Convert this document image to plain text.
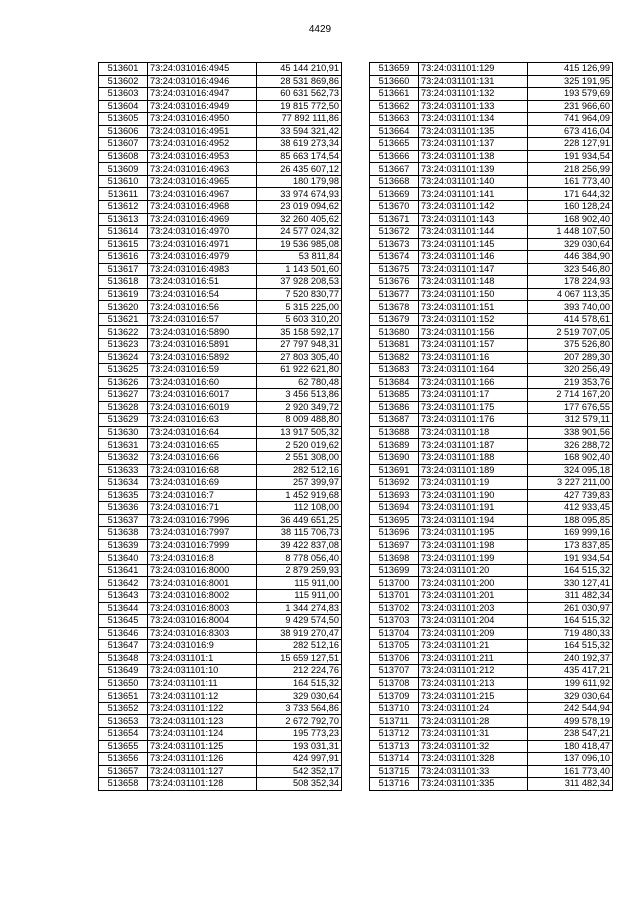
4429
513601	73:24:031016:4945	45 144 210,91
513602	73:24:031016:4946	28 531 869,86
513603	73:24:031016:4947	60 631 562,73
513604	73:24:031016:4949	19 815 772,50
513605	73:24:031016:4950	77 892 111,86
513606	73:24:031016:4951	33 594 321,42
513607	73:24:031016:4952	38 619 273,34
513608	73:24:031016:4953	85 663 174,54
513609	73:24:031016:4963	26 435 607,12
513610	73:24:031016:4965	180 179,98
513611	73:24:031016:4967	33 974 674,93
513612	73:24:031016:4968	23 019 094,62
513613	73:24:031016:4969	32 260 405,62
513614	73:24:031016:4970	24 577 024,32
513615	73:24:031016:4971	19 536 985,08
513616	73:24:031016:4979	53 811,84
513617	73:24:031016:4983	1 143 501,60
513618	73:24:031016:51	37 928 208,53
513619	73:24:031016:54	7 520 830,77
513620	73:24:031016:56	5 315 225,00
513621	73:24:031016:57	5 603 310,20
513622	73:24:031016:5890	35 158 592,17
513623	73:24:031016:5891	27 797 948,31
513624	73:24:031016:5892	27 803 305,40
513625	73:24:031016:59	61 922 621,80
513626	73:24:031016:60	62 780,48
513627	73:24:031016:6017	3 456 513,86
513628	73:24:031016:6019	2 920 349,72
513629	73:24:031016:63	8 009 488,80
513630	73:24:031016:64	13 917 505,32
513631	73:24:031016:65	2 520 019,62
513632	73:24:031016:66	2 551 308,00
513633	73:24:031016:68	282 512,16
513634	73:24:031016:69	257 399,97
513635	73:24:031016:7	1 452 919,68
513636	73:24:031016:71	112 108,00
513637	73:24:031016:7996	36 449 651,25
513638	73:24:031016:7997	38 115 706,73
513639	73:24:031016:7999	39 422 837,08
513640	73:24:031016:8	8 778 056,40
513641	73:24:031016:8000	2 879 259,93
513642	73:24:031016:8001	115 911,00
513643	73:24:031016:8002	115 911,00
513644	73:24:031016:8003	1 344 274,83
513645	73:24:031016:8004	9 429 574,50
513646	73:24:031016:8303	38 919 270,47
513647	73:24:031016:9	282 512,16
513648	73:24:031101:1	15 659 127,51
513649	73:24:031101:10	212 224,76
513650	73:24:031101:11	164 515,32
513651	73:24:031101:12	329 030,64
513652	73:24:031101:122	3 733 564,86
513653	73:24:031101:123	2 672 792,70
513654	73:24:031101:124	195 773,23
513655	73:24:031101:125	193 031,31
513656	73:24:031101:126	424 997,91
513657	73:24:031101:127	542 352,17
513658	73:24:031101:128	508 352,34
513659	73:24:031101:129	415 126,99
513660	73:24:031101:131	325 191,95
513661	73:24:031101:132	193 579,69
513662	73:24:031101:133	231 966,60
513663	73:24:031101:134	741 964,09
513664	73:24:031101:135	673 416,04
513665	73:24:031101:137	228 127,91
513666	73:24:031101:138	191 934,54
513667	73:24:031101:139	218 256,99
513668	73:24:031101:140	161 773,40
513669	73:24:031101:141	171 644,32
513670	73:24:031101:142	160 128,24
513671	73:24:031101:143	168 902,40
513672	73:24:031101:144	1 448 107,50
513673	73:24:031101:145	329 030,64
513674	73:24:031101:146	446 384,90
513675	73:24:031101:147	323 546,80
513676	73:24:031101:148	178 224,93
513677	73:24:031101:150	4 067 113,35
513678	73:24:031101:151	393 740,00
513679	73:24:031101:152	414 578,61
513680	73:24:031101:156	2 519 707,05
513681	73:24:031101:157	375 526,80
513682	73:24:031101:16	207 289,30
513683	73:24:031101:164	320 256,49
513684	73:24:031101:166	219 353,76
513685	73:24:031101:17	2 714 167,20
513686	73:24:031101:175	177 676,55
513687	73:24:031101:176	312 579,11
513688	73:24:031101:18	338 901,56
513689	73:24:031101:187	326 288,72
513690	73:24:031101:188	168 902,40
513691	73:24:031101:189	324 095,18
513692	73:24:031101:19	3 227 211,00
513693	73:24:031101:190	427 739,83
513694	73:24:031101:191	412 933,45
513695	73:24:031101:194	188 095,85
513696	73:24:031101:195	169 999,16
513697	73:24:031101:198	173 837,85
513698	73:24:031101:199	191 934,54
513699	73:24:031101:20	164 515,32
513700	73:24:031101:200	330 127,41
513701	73:24:031101:201	311 482,34
513702	73:24:031101:203	261 030,97
513703	73:24:031101:204	164 515,32
513704	73:24:031101:209	719 480,33
513705	73:24:031101:21	164 515,32
513706	73:24:031101:211	240 192,37
513707	73:24:031101:212	435 417,21
513708	73:24:031101:213	199 611,92
513709	73:24:031101:215	329 030,64
513710	73:24:031101:24	242 544,94
513711	73:24:031101:28	499 578,19
513712	73:24:031101:31	238 547,21
513713	73:24:031101:32	180 418,47
513714	73:24:031101:328	137 096,10
513715	73:24:031101:33	161 773,40
513716	73:24:031101:335	311 482,34
